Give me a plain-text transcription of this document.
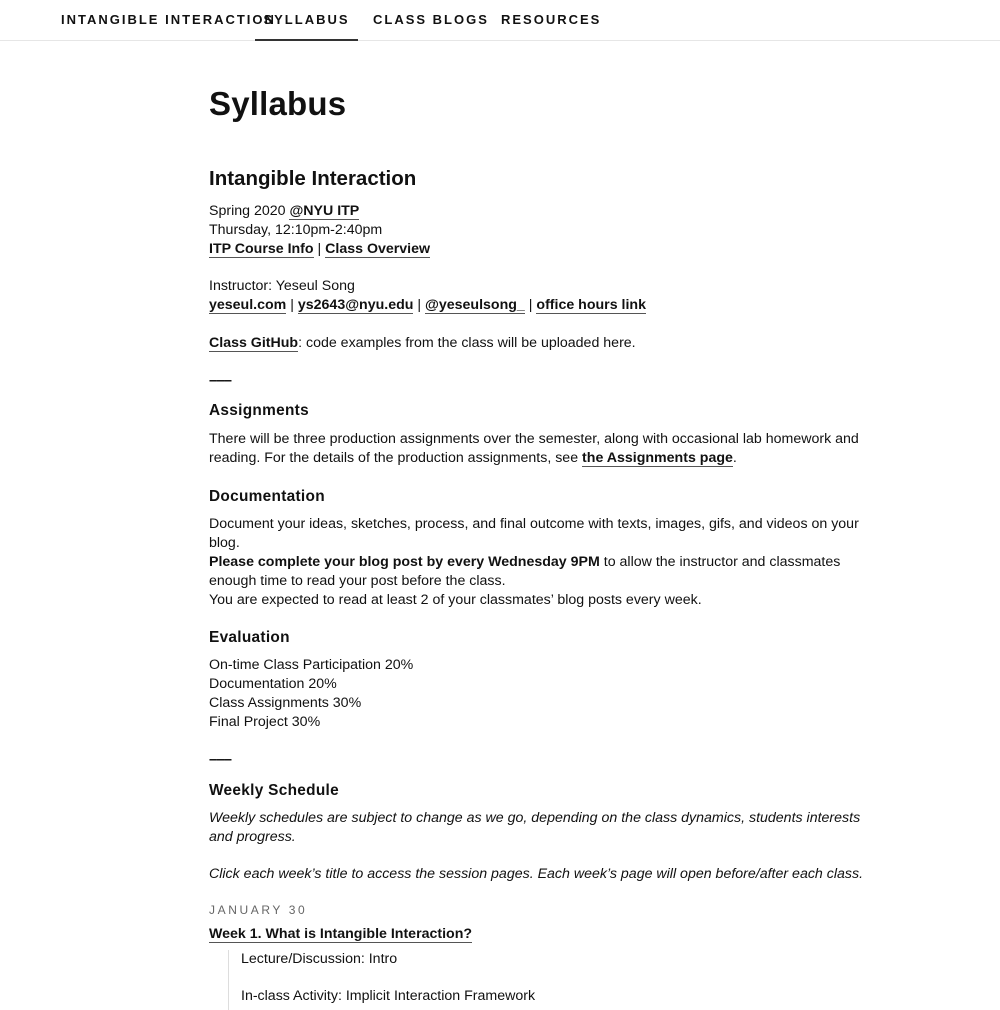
INTANGIBLE INTERACTION
SYLLABUS	CLASS BLOGS RESOURCES
Syllabus
Intangible Interaction
Spring 2020 @NYU ITP
Thursday, 12:10pm-2:40pm
ITP Course Info | Class Overview
Instructor: Yeseul Song
yeseul.com | ys2643@nyu.edu | @yeseulsong_ | office hours link
Class GitHub: code examples from the class will be uploaded here.
–––
Assignments
There will be three production assignments over the semester, along with occasional lab homework and
reading. For the details of the production assignments, see the Assignments page.
Documentation
Document your ideas, sketches, process, and final outcome with texts, images, gifs, and videos on your
blog.
Please complete your blog post by every Wednesday 9PM to allow the instructor and classmates
enough time to read your post before the class.
You are expected to read at least 2 of your classmates’ blog posts every week.
Evaluation
On-time Class Participation 20%
Documentation 20%
Class Assignments 30%
Final Project 30%
–––
Weekly Schedule
Weekly schedules are subject to change as we go, depending on the class dynamics, students interests
and progress.
Click each week’s title to access the session pages. Each week’s page will open before/after each class.
JANUARY 30
Week 1. What is Intangible Interaction?
Lecture/Discussion: Intro
In-class Activity: Implicit Interaction Framework
